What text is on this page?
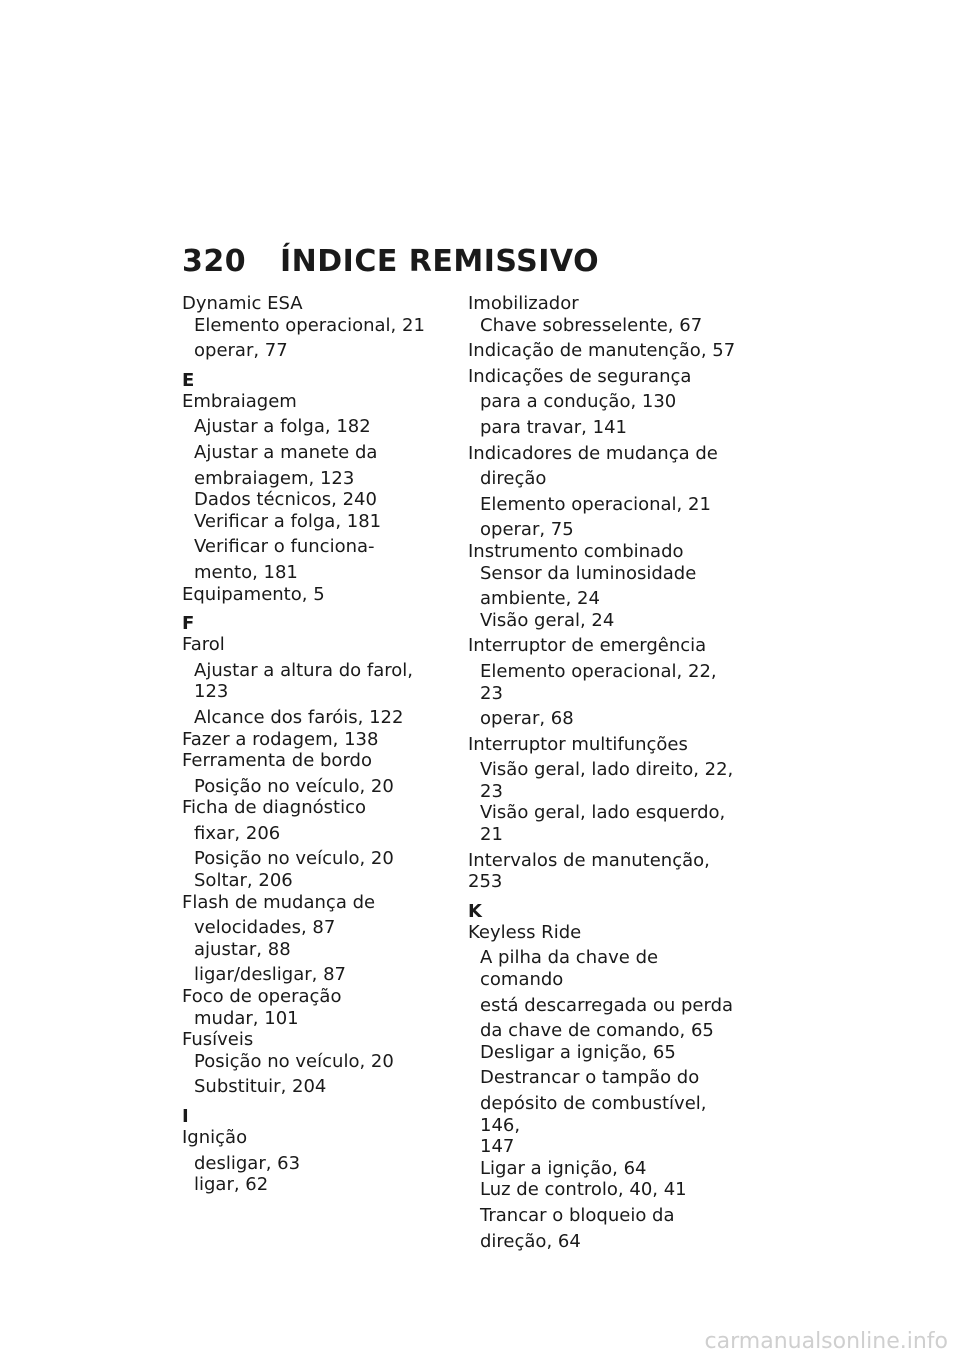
320 ÍNDICE REMISSIVO
Dynamic ESA
Elemento operacional, 21
operar, 77
E
Embraiagem
Ajustar a folga, 182
Ajustar a manete da
embraiagem, 123
Dados técnicos, 240
Verificar a folga, 181
Verificar o funciona-
mento, 181
Equipamento, 5
F
Farol
Ajustar a altura do farol, 123
Alcance dos faróis, 122
Fazer a rodagem, 138
Ferramenta de bordo
Posição no veículo, 20
Ficha de diagnóstico
fixar, 206
Posição no veículo, 20
Soltar, 206
Flash de mudança de
velocidades, 87
ajustar, 88
ligar/desligar, 87
Foco de operação
mudar, 101
Fusíveis
Posição no veículo, 20
Substituir, 204
I
Ignição
desligar, 63
ligar, 62
Imobilizador
Chave sobresselente, 67
Indicação de manutenção, 57
Indicações de segurança
para a condução, 130
para travar, 141
Indicadores de mudança de
direção
Elemento operacional, 21
operar, 75
Instrumento combinado
Sensor da luminosidade
ambiente, 24
Visão geral, 24
Interruptor de emergência
Elemento operacional, 22, 23
operar, 68
Interruptor multifunções
Visão geral, lado direito, 22,
23
Visão geral, lado esquerdo, 21
Intervalos de manutenção, 253
K
Keyless Ride
A pilha da chave de comando
está descarregada ou perda
da chave de comando, 65
Desligar a ignição, 65
Destrancar o tampão do
depósito de combustível, 146,
147
Ligar a ignição, 64
Luz de controlo, 40, 41
Trancar o bloqueio da
direção, 64
carmanualsonline.info
